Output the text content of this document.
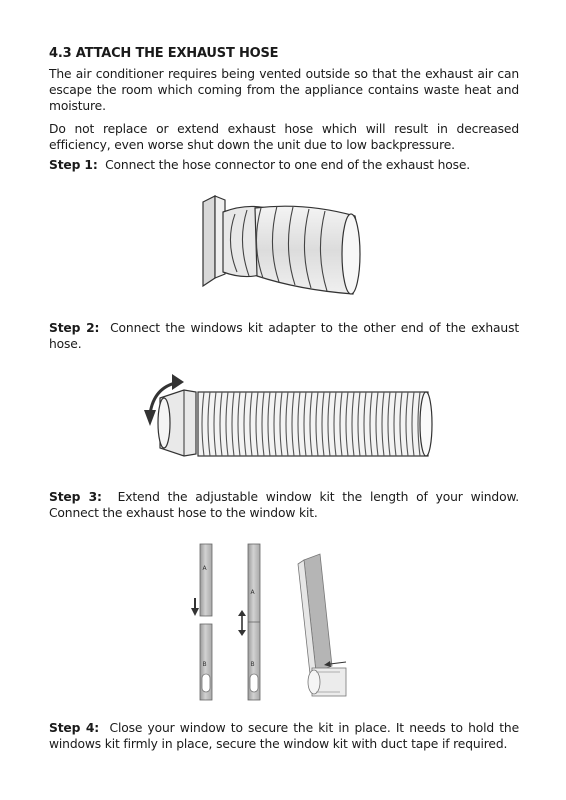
4.3 ATTACH THE EXHAUST HOSE
The air conditioner requires being vented outside so that the exhaust air can escape the room which coming from the appliance contains waste heat and moisture.
Do not replace or extend exhaust hose which will result in decreased efficiency, even worse shut down the unit due to low backpressure.
Step 1: Connect the hose connector to one end of the exhaust hose.
Step 2: Connect the windows kit adapter to the other end of the exhaust hose.
Step 3: Extend the adjustable window kit the length of your window. Connect the exhaust hose to the window kit.
A
B
A
B
Step 4: Close your window to secure the kit in place. It needs to hold the windows kit firmly in place, secure the window kit with duct tape if required.
